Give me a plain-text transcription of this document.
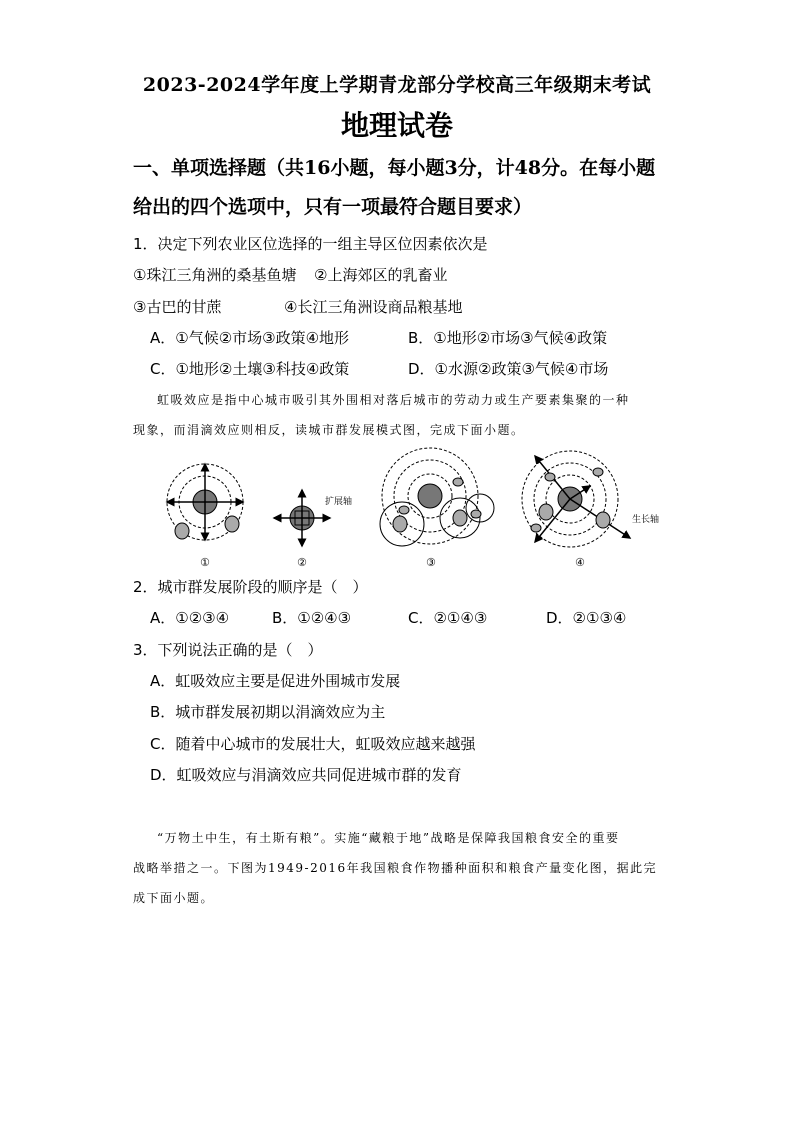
2023-2024学年度上学期青龙部分学校高三年级期末考试
地理试卷
一、单项选择题（共16小题，每小题3分，计48分。在每小题
给出的四个选项中，只有一项最符合题目要求）
1．决定下列农业区位选择的一组主导区位因素依次是
①珠江三角洲的桑基鱼塘 ②上海郊区的乳畜业
③古巴的甘蔗	④长江三角洲设商品粮基地
A．①气候②市场③政策④地形	B．①地形②市场③气候④政策
C．①地形②土壤③科技④政策	D．①水源②政策③气候④市场
虹吸效应是指中心城市吸引其外围相对落后城市的劳动力或生产要素集聚的一种
现象，而涓滴效应则相反，读城市群发展模式图，完成下面小题。
扩展轴
生长轴
①	②	③	④
2．城市群发展阶段的顺序是（　）
A．①②③④	B．①②④③	C．②①④③	D．②①③④
3．下列说法正确的是（　）
A．虹吸效应主要是促进外围城市发展
B．城市群发展初期以涓滴效应为主
C．随着中心城市的发展壮大，虹吸效应越来越强
D．虹吸效应与涓滴效应共同促进城市群的发育
“万物土中生，有土斯有粮”。实施“藏粮于地”战略是保障我国粮食安全的重要
战略举措之一。下图为1949-2016年我国粮食作物播种面积和粮食产量变化图，据此完
成下面小题。
